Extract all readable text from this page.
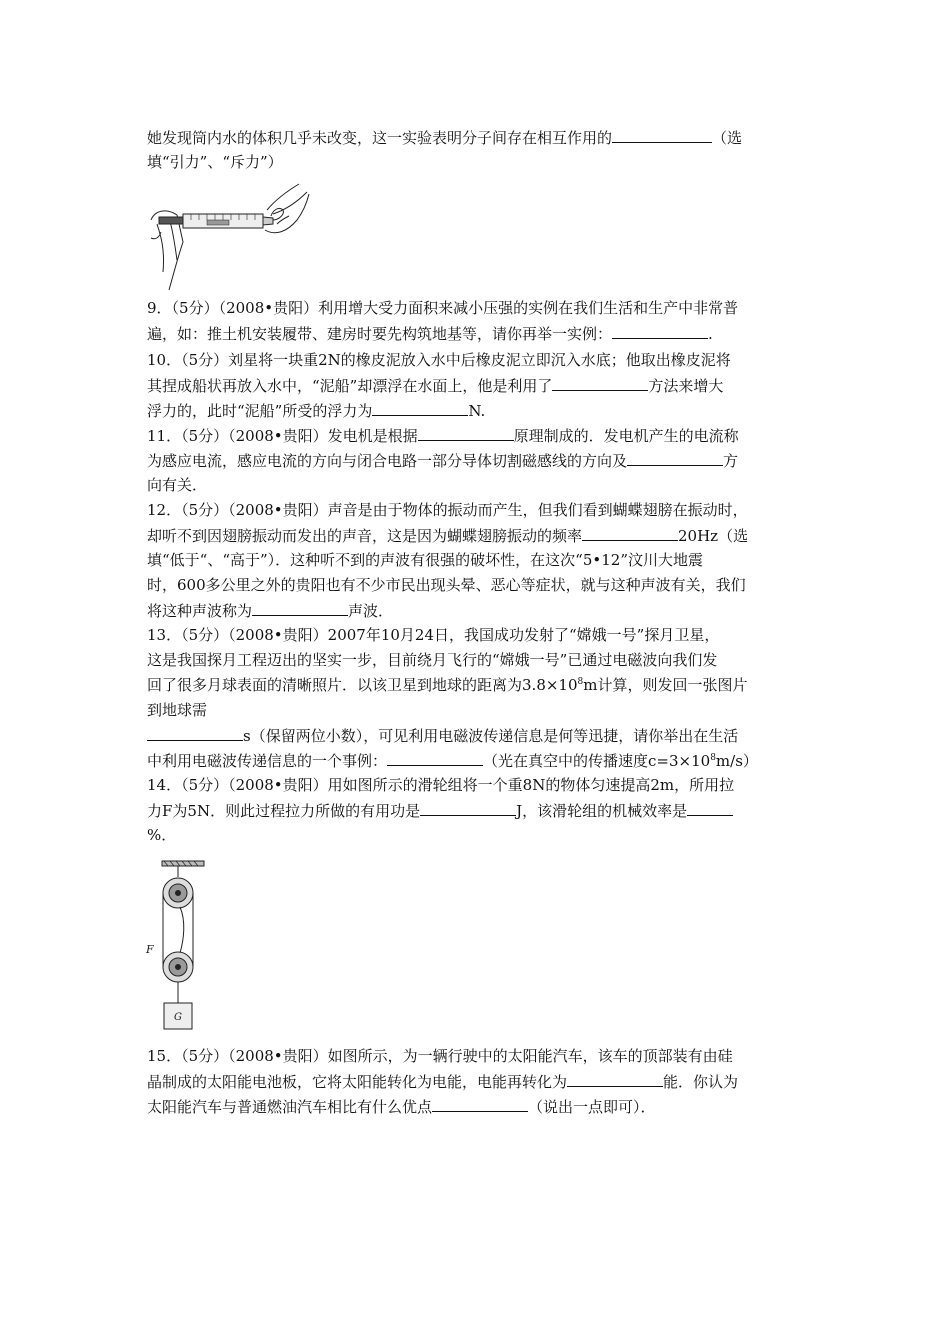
她发现筒内水的体积几乎未改变，这一实验表明分子间存在相互作用的	（选
填“引力”、“斥力”）
9．（5分）（2008•贵阳）利用增大受力面积来减小压强的实例在我们生活和生产中非常普
遍，如：推土机安装履带、建房时要先构筑地基等，请你再举一实例：	.
10．（5分）刘星将一块重2N的橡皮泥放入水中后橡皮泥立即沉入水底；他取出橡皮泥将
其捏成船状再放入水中，“泥船”却漂浮在水面上，他是利用了	方法来增大
浮力的，此时“泥船”所受的浮力为	N.
11．（5分）（2008•贵阳）发电机是根据	原理制成的．发电机产生的电流称
为感应电流，感应电流的方向与闭合电路一部分导体切割磁感线的方向及	方
向有关．
12．（5分）（2008•贵阳）声音是由于物体的振动而产生，但我们看到蝴蝶翅膀在振动时，
却听不到因翅膀振动而发出的声音，这是因为蝴蝶翅膀振动的频率	20Hz（选
填“低于“、“高于”）．这种听不到的声波有很强的破坏性，在这次“5•12”汶川大地震
时，600多公里之外的贵阳也有不少市民出现头晕、恶心等症状，就与这种声波有关，我们
将这种声波称为	声波．
13．（5分）（2008•贵阳）2007年10月24日，我国成功发射了“嫦娥一号”探月卫星，
这是我国探月工程迈出的坚实一步，目前绕月飞行的“嫦娥一号”已通过电磁波向我们发
回了很多月球表面的清晰照片．以该卫星到地球的距离为$3.8\times 10^8m$计算，则发回一张图片
到地球需
s（保留两位小数），可见利用电磁波传递信息是何等迅捷，请你举出在生活
中利用电磁波传递信息的一个事例：	（光在真空中的传播速度$c=3\times 10^8m/s$）
14．（5分）（2008•贵阳）用如图所示的滑轮组将一个重8N的物体匀速提高2m，所用拉
力F为5N．则此过程拉力所做的有用功是	J，该滑轮组的机械效率是
%．
F
G
15．（5分）（2008•贵阳）如图所示，为一辆行驶中的太阳能汽车，该车的顶部装有由硅
晶制成的太阳能电池板，它将太阳能转化为电能，电能再转化为	能．你认为
太阳能汽车与普通燃油汽车相比有什么优点	（说出一点即可）．
